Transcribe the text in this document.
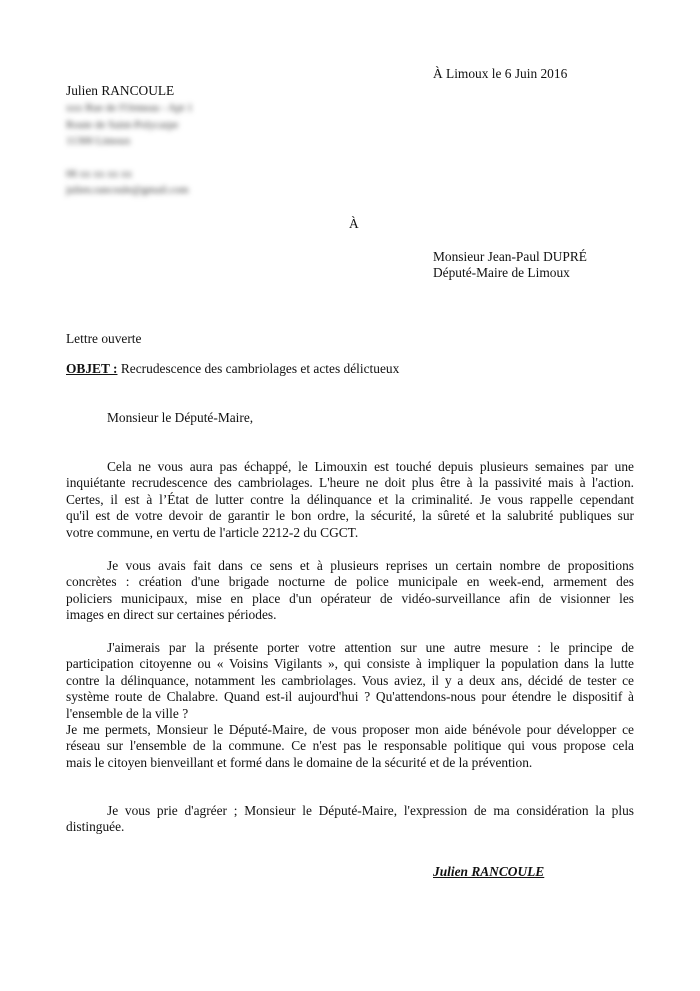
À Limoux le 6 Juin 2016
Julien RANCOULE
xxx Rue de l'Ormeau - Apt 1
Route de Saint-Polycarpe
11300 Limoux
06 xx xx xx xx
julien.rancoule@gmail.com
À
Monsieur Jean-Paul DUPRÉ
Député-Maire de Limoux
Lettre ouverte
OBJET : Recrudescence des cambriolages et actes délictueux
Monsieur le Député-Maire,
Cela ne vous aura pas échappé, le Limouxin est touché depuis plusieurs semaines par une
inquiétante recrudescence des cambriolages. L'heure ne doit plus être à la passivité mais à l'action.
Certes, il est à l’État de lutter contre la délinquance et la criminalité. Je vous rappelle cependant
qu'il est de votre devoir de garantir le bon ordre, la sécurité, la sûreté et la salubrité publiques sur
votre commune, en vertu de l'article 2212-2 du CGCT.
Je vous avais fait dans ce sens et à plusieurs reprises un certain nombre de propositions
concrètes : création d'une brigade nocturne de police municipale en week-end, armement des
policiers municipaux, mise en place d'un opérateur de vidéo-surveillance afin de visionner les
images en direct sur certaines périodes.
J'aimerais par la présente porter votre attention sur une autre mesure : le principe de
participation citoyenne ou « Voisins Vigilants », qui consiste à impliquer la population dans la lutte
contre la délinquance, notamment les cambriolages. Vous aviez, il y a deux ans, décidé de tester ce
système route de Chalabre. Quand est-il aujourd'hui ? Qu'attendons-nous pour étendre le dispositif à
l'ensemble de la ville ?
Je me permets, Monsieur le Député-Maire, de vous proposer mon aide bénévole pour développer ce
réseau sur l'ensemble de la commune. Ce n'est pas le responsable politique qui vous propose cela
mais le citoyen bienveillant et formé dans le domaine de la sécurité et de la prévention.
Je vous prie d'agréer ; Monsieur le Député-Maire, l'expression de ma considération la plus
distinguée.
Julien RANCOULE
